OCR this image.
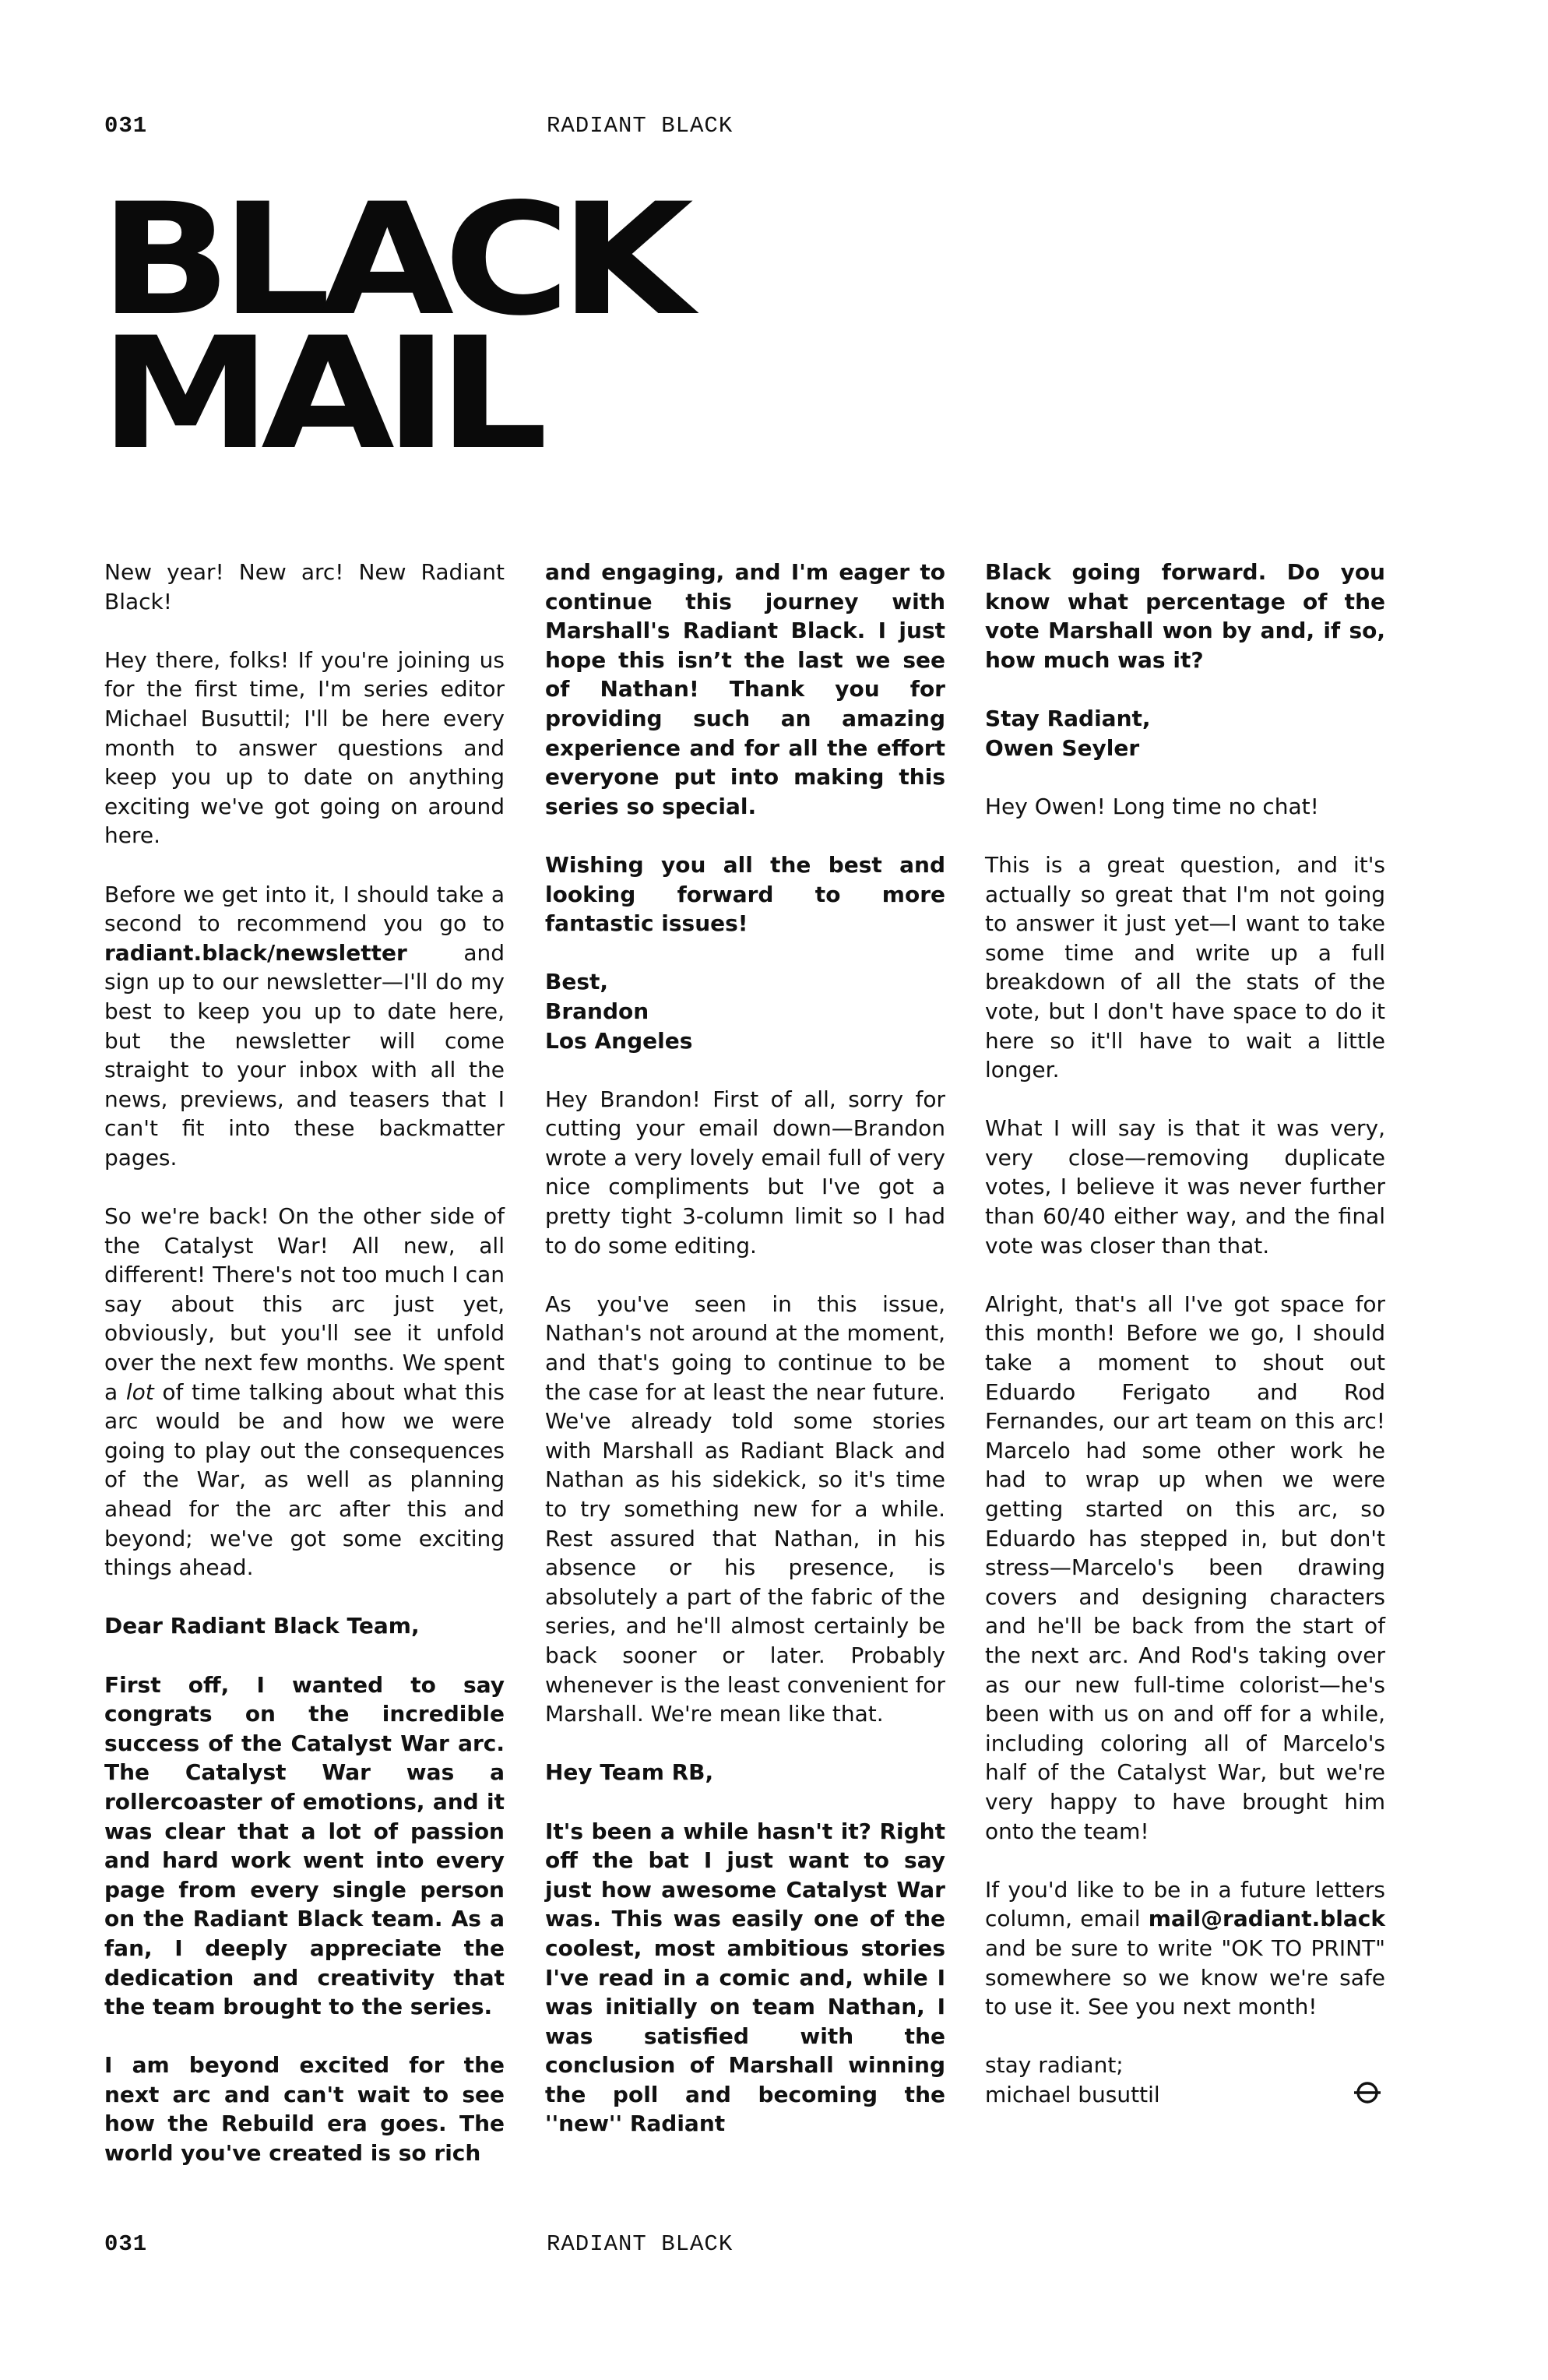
031	RADIANT BLACK
BLACK
MAIL

New year! New arc! New Radiant Black!

Hey there, folks! If you're joining us for the first time, I'm series editor Michael Busuttil; I'll be here every month to answer questions and keep you up to date on anything exciting we've got going on around here.

Before we get into it, I should take a second to recommend you go to radiant.black/newsletter and sign up to our newsletter—I'll do my best to keep you up to date here, but the newsletter will come straight to your inbox with all the news, previews, and teasers that I can't fit into these backmatter pages.

So we're back! On the other side of the Catalyst War! All new, all different! There's not too much I can say about this arc just yet, obviously, but you'll see it unfold over the next few months. We spent a lot of time talking about what this arc would be and how we were going to play out the consequences of the War, as well as planning ahead for the arc after this and beyond; we've got some exciting things ahead.

Dear Radiant Black Team,

First off, I wanted to say congrats on the incredible success of the Catalyst War arc. The Catalyst War was a rollercoaster of emotions, and it was clear that a lot of passion and hard work went into every page from every single person on the Radiant Black team. As a fan, I deeply appreciate the dedication and creativity that the team brought to the series.

I am beyond excited for the next arc and can't wait to see how the Rebuild era goes. The world you've created is so rich

and engaging, and I'm eager to continue this journey with Marshall's Radiant Black. I just hope this isn’t the last we see of Nathan! Thank you for providing such an amazing experience and for all the effort everyone put into making this series so special.

Wishing you all the best and looking forward to more fantastic issues!

Best,
Brandon
Los Angeles

Hey Brandon! First of all, sorry for cutting your email down—Brandon wrote a very lovely email full of very nice compliments but I've got a pretty tight 3-column limit so I had to do some editing.

As you've seen in this issue, Nathan's not around at the moment, and that's going to continue to be the case for at least the near future. We've already told some stories with Marshall as Radiant Black and Nathan as his sidekick, so it's time to try something new for a while. Rest assured that Nathan, in his absence or his presence, is absolutely a part of the fabric of the series, and he'll almost certainly be back sooner or later. Probably whenever is the least convenient for Marshall. We're mean like that.

Hey Team RB,

It's been a while hasn't it? Right off the bat I just want to say just how awesome Catalyst War was. This was easily one of the coolest, most ambitious stories I've read in a comic and, while I was initially on team Nathan, I was satisfied with the conclusion of Marshall winning the poll and becoming the ''new'' Radiant

Black going forward. Do you know what percentage of the vote Marshall won by and, if so, how much was it?

Stay Radiant,
Owen Seyler

Hey Owen! Long time no chat!

This is a great question, and it's actually so great that I'm not going to answer it just yet—I want to take some time and write up a full breakdown of all the stats of the vote, but I don't have space to do it here so it'll have to wait a little longer.

What I will say is that it was very, very close—removing duplicate votes, I believe it was never further than 60/40 either way, and the final vote was closer than that.

Alright, that's all I've got space for this month! Before we go, I should take a moment to shout out Eduardo Ferigato and Rod Fernandes, our art team on this arc! Marcelo had some other work he had to wrap up when we were getting started on this arc, so Eduardo has stepped in, but don't stress—Marcelo's been drawing covers and designing characters and he'll be back from the start of the next arc. And Rod's taking over as our new full-time colorist—he's been with us on and off for a while, including coloring all of Marcelo's half of the Catalyst War, but we're very happy to have brought him onto the team!

If you'd like to be in a future letters column, email mail@radiant.black and be sure to write "OK TO PRINT" somewhere so we know we're safe to use it. See you next month!

stay radiant;
michael busuttil

031	RADIANT BLACK
